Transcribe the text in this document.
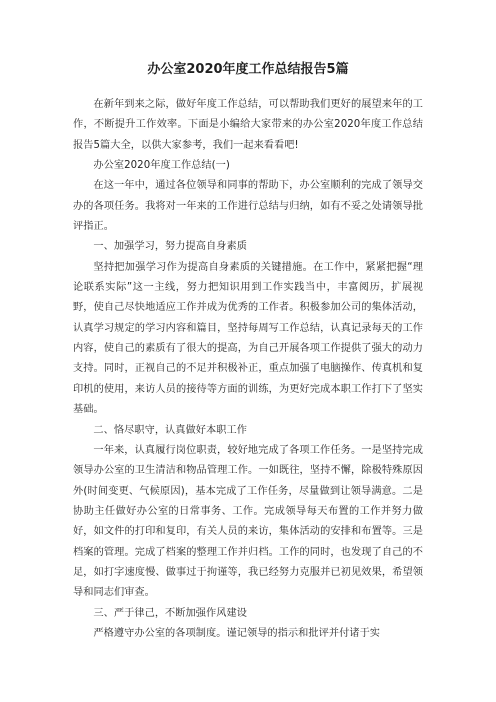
办公室2020年度工作总结报告5篇

在新年到来之际，做好年度工作总结，可以帮助我们更好的展望来年的工作，不断提升工作效率。下面是小编给大家带来的办公室2020年度工作总结报告5篇大全，以供大家参考，我们一起来看看吧!

办公室2020年度工作总结(一)

在这一年中，通过各位领导和同事的帮助下，办公室顺利的完成了领导交办的各项任务。我将对一年来的工作进行总结与归纳，如有不妥之处请领导批评指正。

一、加强学习，努力提高自身素质

坚持把加强学习作为提高自身素质的关键措施。在工作中，紧紧把握“理论联系实际”这一主线，努力把知识用到工作实践当中，丰富阅历，扩展视野，使自己尽快地适应工作并成为优秀的工作者。积极参加公司的集体活动，认真学习规定的学习内容和篇目，坚持每周写工作总结，认真记录每天的工作内容，使自己的素质有了很大的提高，为自己开展各项工作提供了强大的动力支持。同时，正视自己的不足并积极补正，重点加强了电脑操作、传真机和复印机的使用，来访人员的接待等方面的训练，为更好完成本职工作打下了坚实基础。

二、恪尽职守，认真做好本职工作

一年来，认真履行岗位职责，较好地完成了各项工作任务。一是坚持完成领导办公室的卫生清洁和物品管理工作。一如既往，坚持不懈，除极特殊原因外(时间变更、气候原因)，基本完成了工作任务，尽量做到让领导满意。二是协助主任做好办公室的日常事务、工作。完成领导每天布置的工作并努力做好，如文件的打印和复印，有关人员的来访，集体活动的安排和布置等。三是档案的管理。完成了档案的整理工作并归档。工作的同时，也发现了自己的不足，如打字速度慢、做事过于拘谨等，我已经努力克服并已初见效果，希望领导和同志们审查。

三、严于律己，不断加强作风建设

严格遵守办公室的各项制度。谨记领导的指示和批评并付诸于实
